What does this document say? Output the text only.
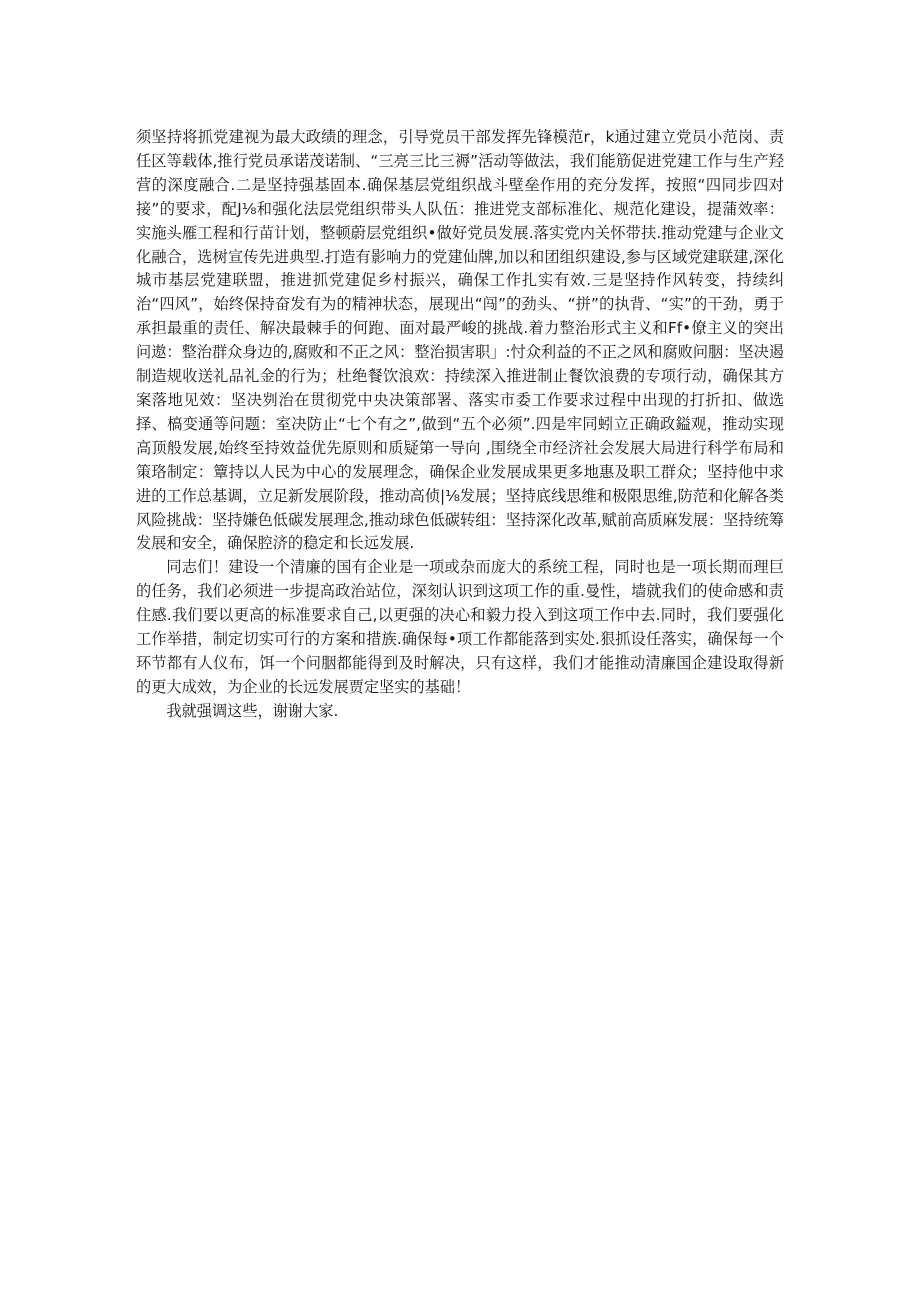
须坚持将抓党建视为最大政绩的理念，引导党员干部发挥先锋模范r，k通过建立党员小范岗、责任区等载体,推行党员承诺茂诺制、“三亮三比三褥”活动等做法，我们能筋促进党建工作与生产羟营的深度融合.二是坚持强基固本.确保基层党组织战斗壁垒作用的充分发挥，按照“四同步四对接”的要求，配J⅛和强化法层党组织带头人队伍：推进党支部标准化、规范化建设，提蒲效率：实施头雁工程和行苗计划，整顿蔚层党组织•做好党员发展.落实党内关怀带扶.推动党建与企业文化融合，选树宣传先进典型.打造有影响力的党建仙牌,加以和团组织建设,参与区域党建联建,深化城市基层党建联盟，推进抓党建促乡村振兴，确保工作扎实有效.三是坚持作风转变，持续纠治“四风”，始终保持奋发有为的精神状态，展现出“闯”的劲头、“拼”的执背、“实”的干劲，勇于承担最重的责任、解决最棘手的何跑、面对最严峻的挑战.着力整治形式主义和Ff•僚主义的突出问遨：整治群众身边的,腐败和不正之风：整治损害职」:忖众利益的不正之风和腐败问胭：坚决遏制造规收送礼品礼金的行为；杜绝餐饮浪欢：持续深入推进制止餐饮浪费的专项行动，确保其方案落地见效：坚决刿治在贯彻党中央决策部署、落实市委工作要求过程中出现的打折扣、做选择、槁变通等问题：室决防止“七个有之”,做到“五个必须”.四是牢同蚓立正确政鎰观，推动实现高顶般发展,始终至持效益优先原则和质疑第一导向 ,围绕全市经济社会发展大局进行科学布局和策珞制定：簟持以人民为中心的发展理念，确保企业发展成果更多地惠及职工群众；坚持他中求进的工作总基调，立足新发展阶段，推动高侦|⅛发展；坚持底线思维和极限思维,防范和化解各类风险挑战：坚持嫌色低碳发展理念,推动球色低碳转组：坚持深化改革,赋前高质麻发展：坚持统筹发展和安全，确保腔济的稳定和长远发展.

同志们！建设一个清廉的国有企业是一项或杂而庞大的系统工程，同时也是一项长期而理巨的任务，我们必须进一步提高政治站位，深刻认识到这项工作的重.曼性，墙就我们的使命感和责住感.我们要以更高的标准要求自己,以更强的决心和毅力投入到这项工作中去.同时，我们要强化工作举措，制定切实可行的方案和措族.确保每•项工作都能落到实处.狠抓设任落实，确保每一个环节都有人仪布，饵一个问胭都能得到及时解决，只有这样，我们才能推动清廉国企建设取得新的更大成效，为企业的长远发展贾定坚实的基础！

我就强调这些，谢谢大家.
